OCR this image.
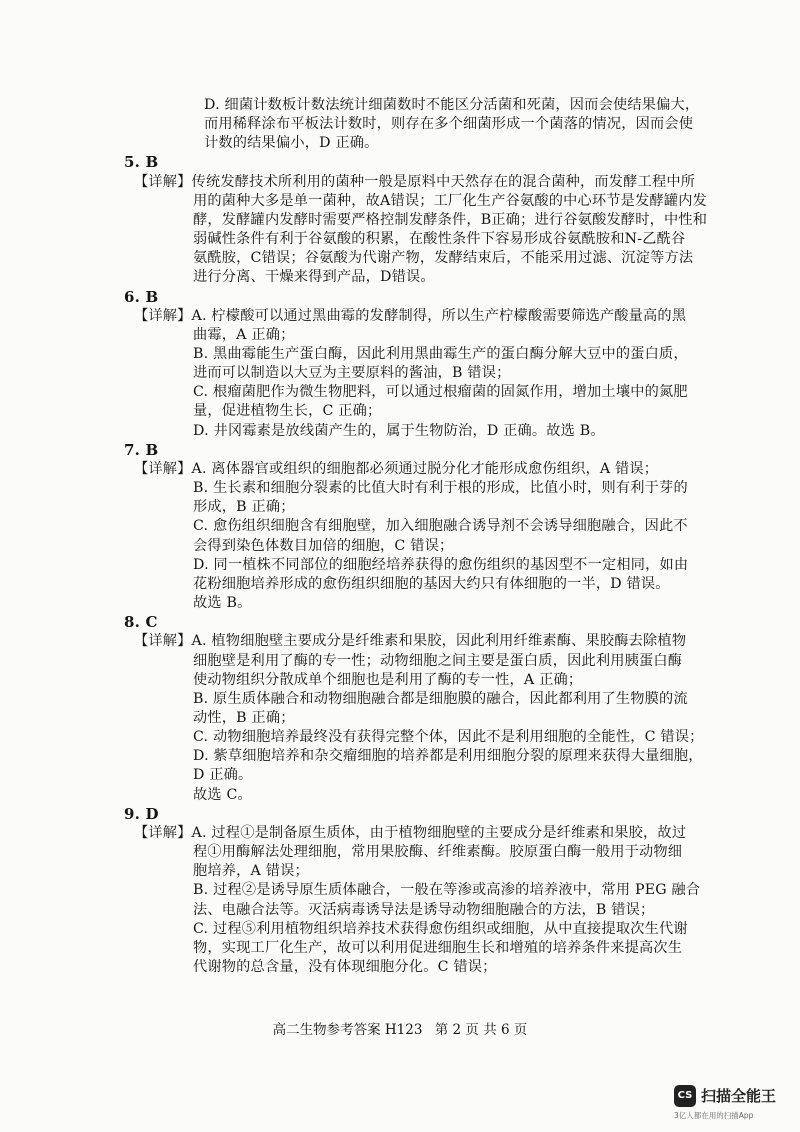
D. 细菌计数板计数法统计细菌数时不能区分活菌和死菌，因而会使结果偏大，
而用稀释涂布平板法计数时，则存在多个细菌形成一个菌落的情况，因而会使
计数的结果偏小，D 正确。
5. B
【详解】传统发酵技术所利用的菌种一般是原料中天然存在的混合菌种，而发酵工程中所
用的菌种大多是单一菌种，故A错误；工厂化生产谷氨酸的中心环节是发酵罐内发
酵，发酵罐内发酵时需要严格控制发酵条件，B正确；进行谷氨酸发酵时，中性和
弱碱性条件有利于谷氨酸的积累，在酸性条件下容易形成谷氨酰胺和N-乙酰谷
氨酰胺，C错误；谷氨酸为代谢产物，发酵结束后，不能采用过滤、沉淀等方法
进行分离、干燥来得到产品，D错误。
6. B
【详解】A. 柠檬酸可以通过黑曲霉的发酵制得，所以生产柠檬酸需要筛选产酸量高的黑
曲霉，A 正确；
B. 黑曲霉能生产蛋白酶，因此利用黑曲霉生产的蛋白酶分解大豆中的蛋白质，
进而可以制造以大豆为主要原料的酱油，B 错误；
C. 根瘤菌肥作为微生物肥料，可以通过根瘤菌的固氮作用，增加土壤中的氮肥
量，促进植物生长，C 正确；
D. 井冈霉素是放线菌产生的，属于生物防治，D 正确。故选 B。
7. B
【详解】A. 离体器官或组织的细胞都必须通过脱分化才能形成愈伤组织，A 错误；
B. 生长素和细胞分裂素的比值大时有利于根的形成，比值小时，则有利于芽的
形成，B 正确；
C. 愈伤组织细胞含有细胞壁，加入细胞融合诱导剂不会诱导细胞融合，因此不
会得到染色体数目加倍的细胞，C 错误；
D. 同一植株不同部位的细胞经培养获得的愈伤组织的基因型不一定相同，如由
花粉细胞培养形成的愈伤组织细胞的基因大约只有体细胞的一半，D 错误。
故选 B。
8. C
【详解】A. 植物细胞壁主要成分是纤维素和果胶，因此利用纤维素酶、果胶酶去除植物
细胞壁是利用了酶的专一性；动物细胞之间主要是蛋白质，因此利用胰蛋白酶
使动物组织分散成单个细胞也是利用了酶的专一性，A 正确；
B. 原生质体融合和动物细胞融合都是细胞膜的融合，因此都利用了生物膜的流
动性，B 正确；
C. 动物细胞培养最终没有获得完整个体，因此不是利用细胞的全能性，C 错误；
D. 紫草细胞培养和杂交瘤细胞的培养都是利用细胞分裂的原理来获得大量细胞，
D 正确。
故选 C。
9. D
【详解】A. 过程①是制备原生质体，由于植物细胞壁的主要成分是纤维素和果胶，故过
程①用酶解法处理细胞，常用果胶酶、纤维素酶。胶原蛋白酶一般用于动物细
胞培养，A 错误；
B. 过程②是诱导原生质体融合，一般在等渗或高渗的培养液中，常用 PEG 融合
法、电融合法等。灭活病毒诱导法是诱导动物细胞融合的方法，B 错误；
C. 过程⑤利用植物组织培养技术获得愈伤组织或细胞，从中直接提取次生代谢
物，实现工厂化生产，故可以利用促进细胞生长和增殖的培养条件来提高次生
代谢物的总含量，没有体现细胞分化。C 错误；
高二生物参考答案 H123 第 2 页 共 6 页
CS 扫描全能王
3亿人都在用的扫描App
